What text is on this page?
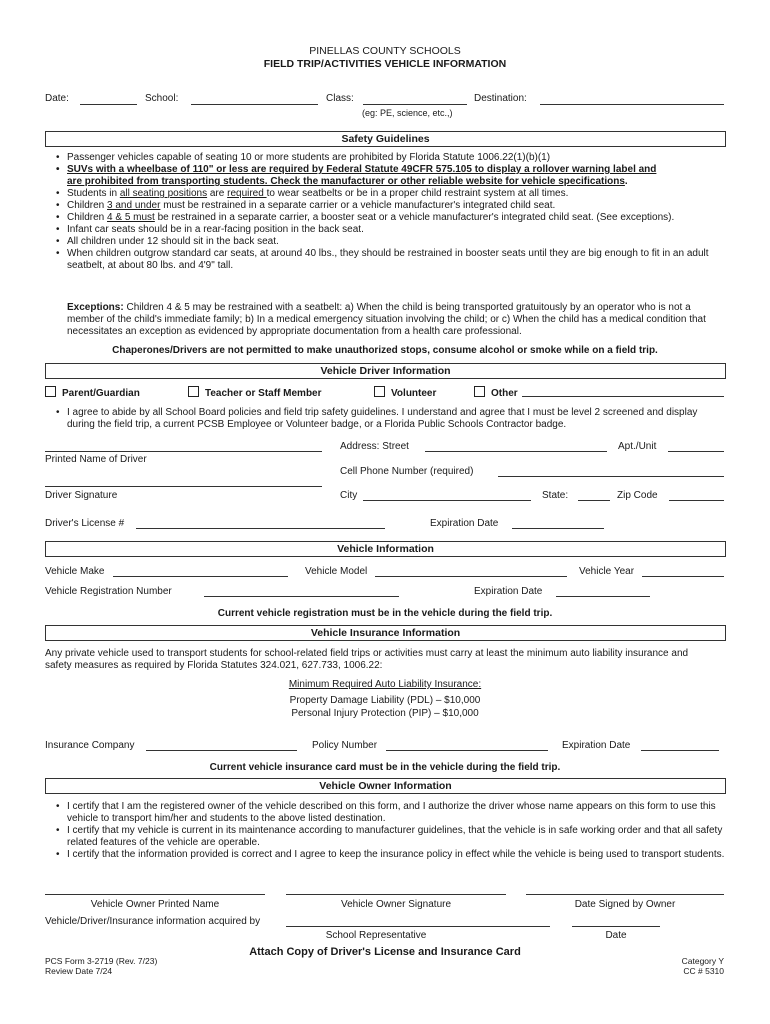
PINELLAS COUNTY SCHOOLS
FIELD TRIP/ACTIVITIES VEHICLE INFORMATION
Date:	School:	Class:	Destination:
(eg: PE, science, etc.,)
Safety Guidelines
• Passenger vehicles capable of seating 10 or more students are prohibited by Florida Statute 1006.22(1)(b)(1)
• SUVs with a wheelbase of 110" or less are required by Federal Statute 49CFR 575.105 to display a rollover warning label and
are prohibited from transporting students. Check the manufacturer or other reliable website for vehicle specifications.
• Students in all seating positions are required to wear seatbelts or be in a proper child restraint system at all times.
• Children 3 and under must be restrained in a separate carrier or a vehicle manufacturer's integrated child seat.
• Children 4 & 5 must be restrained in a separate carrier, a booster seat or a vehicle manufacturer's integrated child seat. (See exceptions).
• Infant car seats should be in a rear-facing position in the back seat.
• All children under 12 should sit in the back seat.
• When children outgrow standard car seats, at around 40 lbs., they should be restrained in booster seats until they are big enough to fit in an adult seatbelt, at about 80 lbs. and 4'9" tall.
Exceptions: Children 4 & 5 may be restrained with a seatbelt: a) When the child is being transported gratuitously by an operator who is not a member of the child's immediate family; b) In a medical emergency situation involving the child; or c) When the child has a medical condition that necessitates an exception as evidenced by appropriate documentation from a health care professional.
Chaperones/Drivers are not permitted to make unauthorized stops, consume alcohol or smoke while on a field trip.
Vehicle Driver Information
Parent/Guardian	Teacher or Staff Member	Volunteer	Other
• I agree to abide by all School Board policies and field trip safety guidelines. I understand and agree that I must be level 2 screened and display during the field trip, a current PCSB Employee or Volunteer badge, or a Florida Public Schools Contractor badge.
Printed Name of Driver
Address: Street	Apt./Unit
Cell Phone Number (required)
Driver Signature	City	State:	Zip Code
Driver's License #	Expiration Date
Vehicle Information
Vehicle Make	Vehicle Model	Vehicle Year
Vehicle Registration Number	Expiration Date
Current vehicle registration must be in the vehicle during the field trip.
Vehicle Insurance Information
Any private vehicle used to transport students for school-related field trips or activities must carry at least the minimum auto liability insurance and safety measures as required by Florida Statutes 324.021, 627.733, 1006.22:
Minimum Required Auto Liability Insurance:
Property Damage Liability (PDL) – $10,000
Personal Injury Protection (PIP) – $10,000
Insurance Company	Policy Number	Expiration Date
Current vehicle insurance card must be in the vehicle during the field trip.
Vehicle Owner Information
• I certify that I am the registered owner of the vehicle described on this form, and I authorize the driver whose name appears on this form to use this vehicle to transport him/her and students to the above listed destination.
• I certify that my vehicle is current in its maintenance according to manufacturer guidelines, that the vehicle is in safe working order and that all safety related features of the vehicle are operable.
• I certify that the information provided is correct and I agree to keep the insurance policy in effect while the vehicle is being used to transport students.
Vehicle Owner Printed Name	Vehicle Owner Signature	Date Signed by Owner
Vehicle/Driver/Insurance information acquired by
School Representative	Date
Attach Copy of Driver's License and Insurance Card
PCS Form 3-2719 (Rev. 7/23)
Review Date 7/24
Category Y
CC # 5310
